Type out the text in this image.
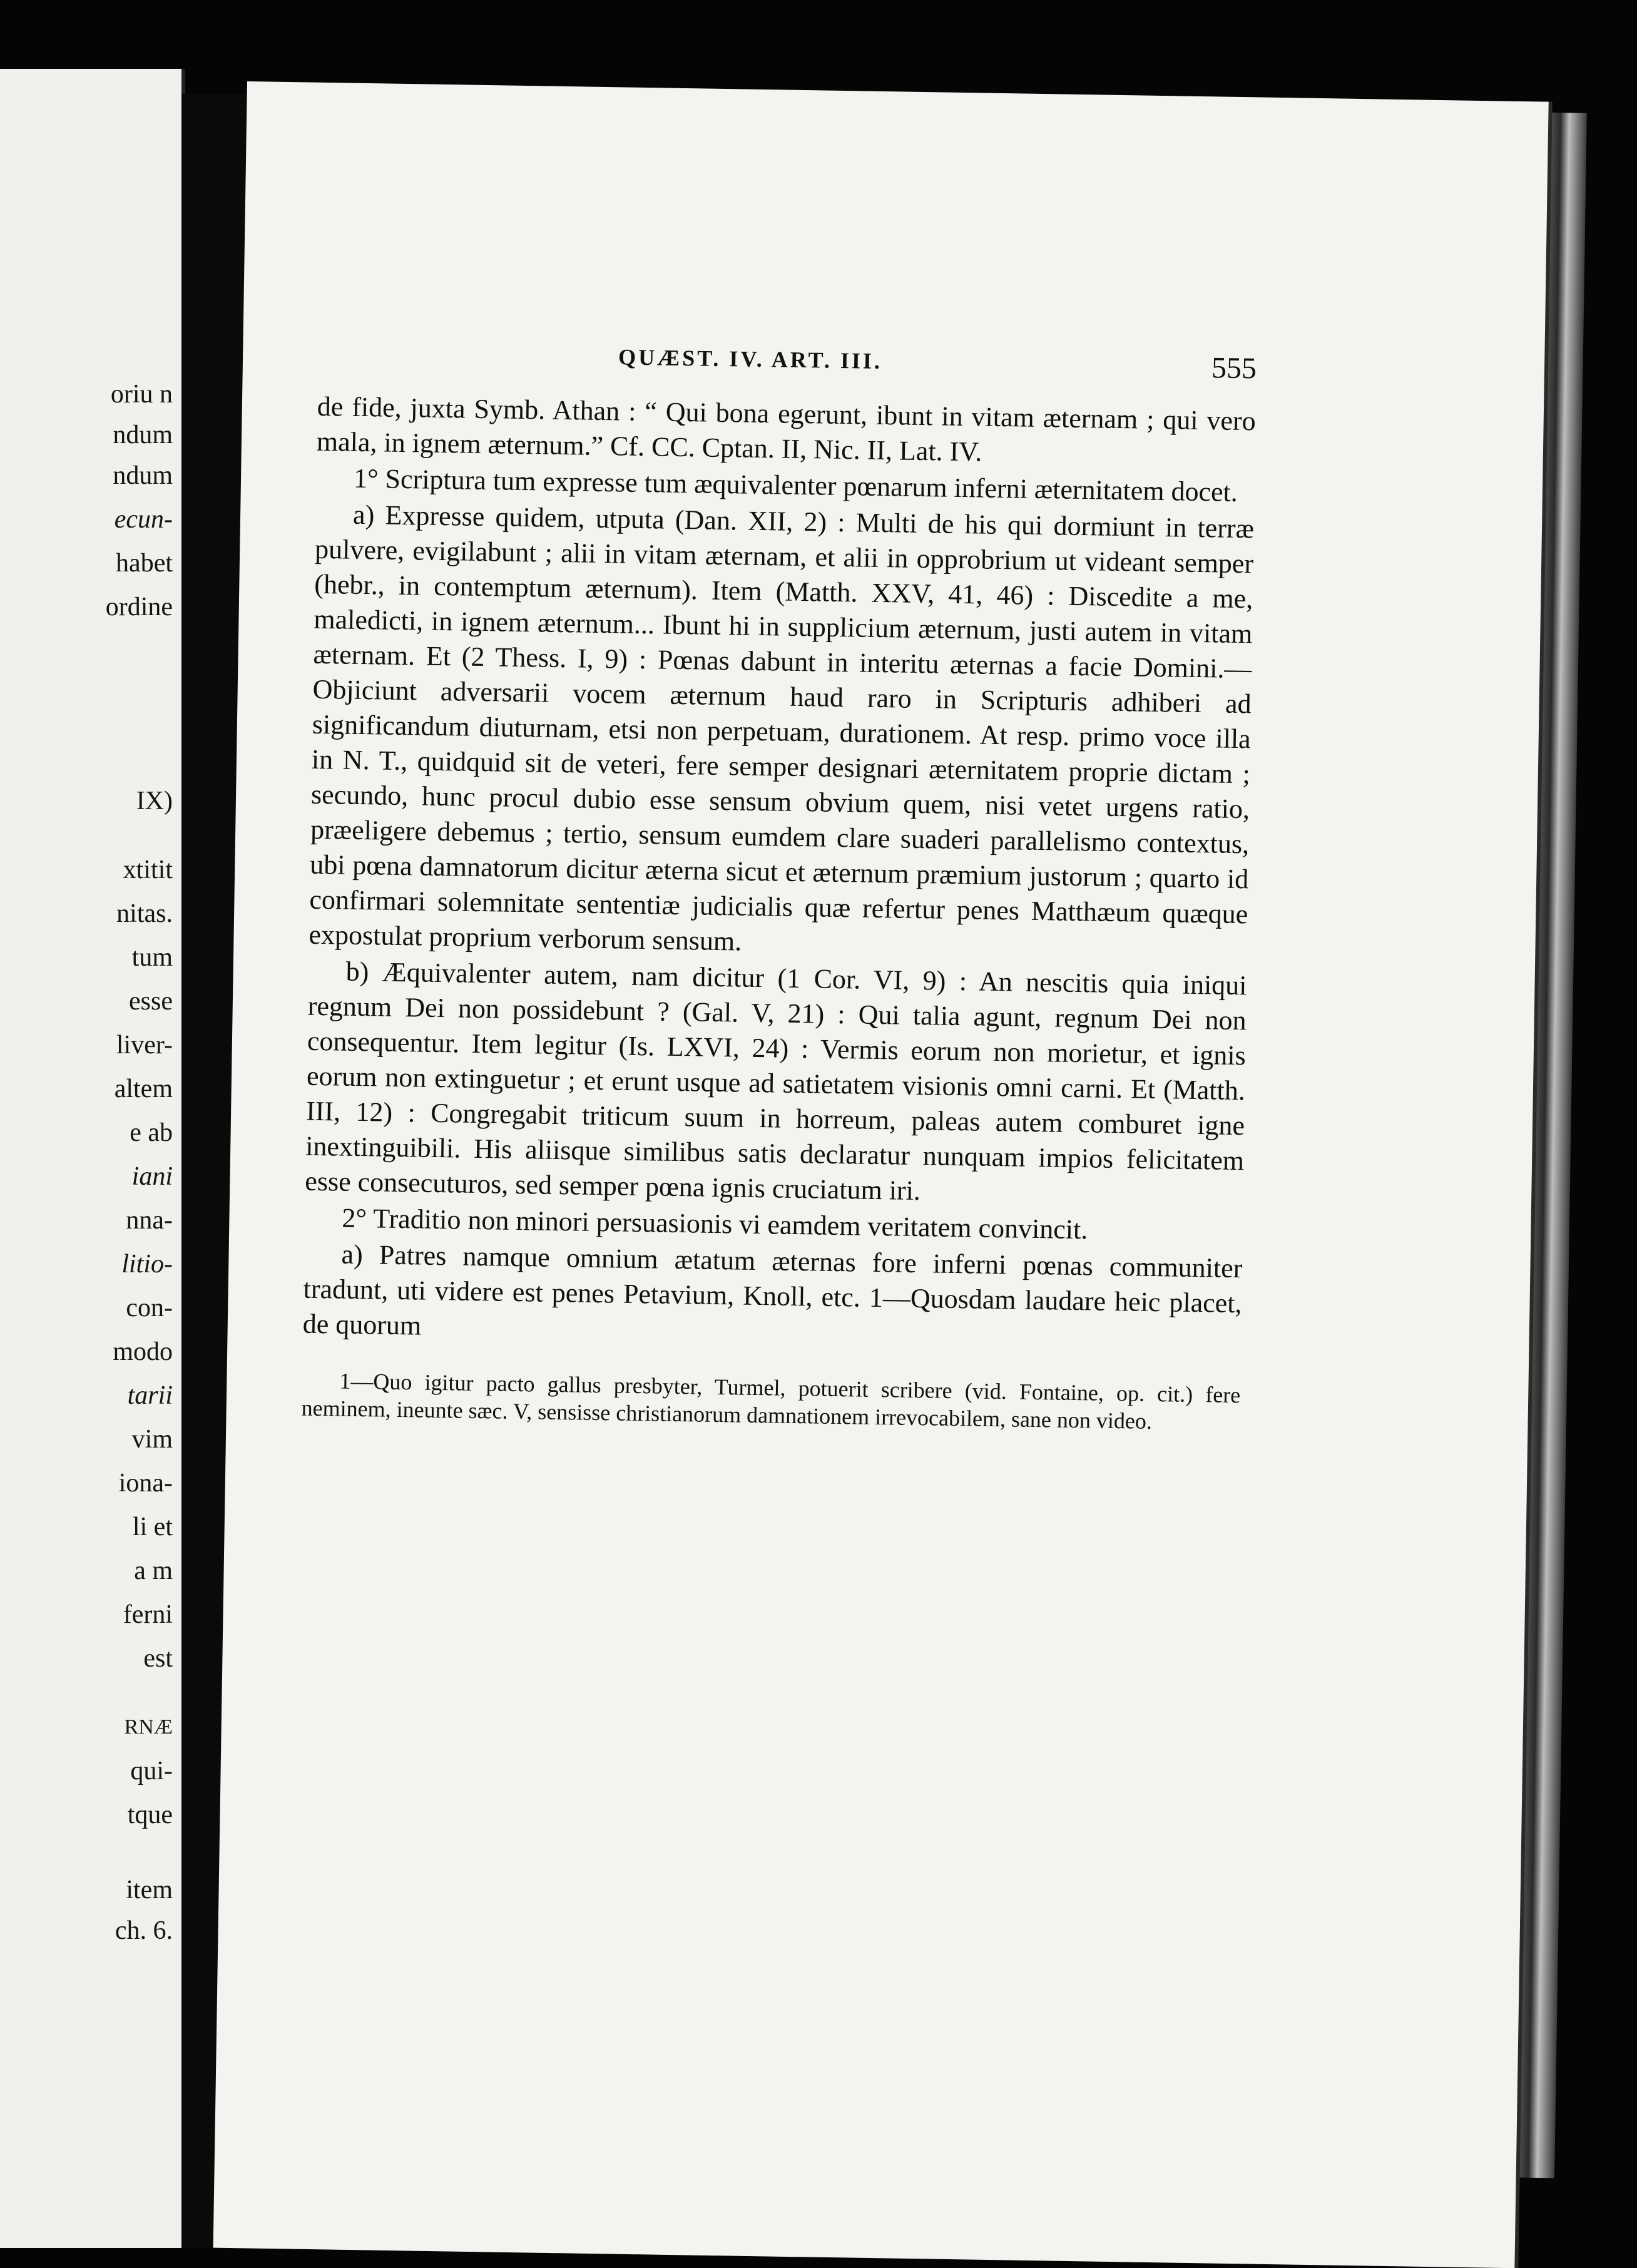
oriu n
ndum
ndum
ecun-
habet
ordine
IX)
xtitit
nitas.
tum
esse
liver-
altem
e ab
iani
nna-
litio-
con-
modo
tarii
vim
iona-
li et
a m
ferni
est
RNÆ
qui-
tque
item
ch. 6.
QUÆST. IV. ART. III.	555

de fide, juxta Symb. Athan : “ Qui bona egerunt, ibunt in vitam æternam ; qui vero mala, in ignem æternum.” Cf. CC. Cptan. II, Nic. II, Lat. IV.

1° Scriptura tum expresse tum æquivalenter pœnarum inferni æternitatem docet.

a) Expresse quidem, utputa (Dan. XII, 2) : Multi de his qui dormiunt in terræ pulvere, evigilabunt ; alii in vitam æternam, et alii in opprobrium ut videant semper (hebr., in contemptum æternum). Item (Matth. XXV, 41, 46) : Discedite a me, maledicti, in ignem æternum... Ibunt hi in supplicium æternum, justi autem in vitam æternam. Et (2 Thess. I, 9) : Pœnas dabunt in interitu æternas a facie Domini.—Objiciunt adversarii vocem æternum haud raro in Scripturis adhiberi ad significandum diuturnam, etsi non perpetuam, durationem. At resp. primo voce illa in N. T., quidquid sit de veteri, fere semper designari æternitatem proprie dictam ; secundo, hunc procul dubio esse sensum obvium quem, nisi vetet urgens ratio, præeligere debemus ; tertio, sensum eumdem clare suaderi parallelismo contextus, ubi pœna damnatorum dicitur æterna sicut et æternum præmium justorum ; quarto id confirmari solemnitate sententiæ judicialis quæ refertur penes Matthæum quæque expostulat proprium verborum sensum.

b) Æquivalenter autem, nam dicitur (1 Cor. VI, 9) : An nescitis quia iniqui regnum Dei non possidebunt ? (Gal. V, 21) : Qui talia agunt, regnum Dei non consequentur. Item legitur (Is. LXVI, 24) : Vermis eorum non morietur, et ignis eorum non extinguetur ; et erunt usque ad satietatem visionis omni carni. Et (Matth. III, 12) : Congregabit triticum suum in horreum, paleas autem comburet igne inextinguibili. His aliisque similibus satis declaratur nunquam impios felicitatem esse consecuturos, sed semper pœna ignis cruciatum iri.

2° Traditio non minori persuasionis vi eamdem veritatem convincit.

a) Patres namque omnium ætatum æternas fore inferni pœnas communiter tradunt, uti videre est penes Petavium, Knoll, etc. 1—Quosdam laudare heic placet, de quorum

1—Quo igitur pacto gallus presbyter, Turmel, potuerit scribere (vid. Fontaine, op. cit.) fere neminem, ineunte sæc. V, sensisse christianorum damnationem irrevocabilem, sane non video.
